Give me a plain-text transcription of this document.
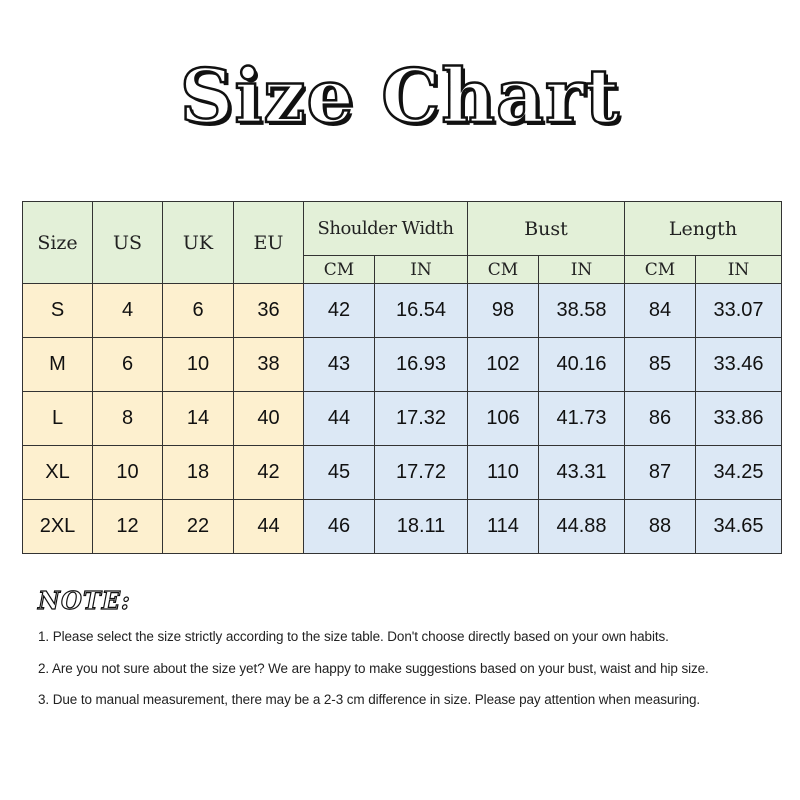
Size Chart
Size	US	UK	EU	Shoulder Width		Bust		Length	
				CM	IN	CM	IN	CM	IN
S	4	6	36	42	16.54	98	38.58	84	33.07
M	6	10	38	43	16.93	102	40.16	85	33.46
L	8	14	40	44	17.32	106	41.73	86	33.86
XL	10	18	42	45	17.72	110	43.31	87	34.25
2XL	12	22	44	46	18.11	114	44.88	88	34.65
NOTE:
1. Please select the size strictly according to the size table. Don't choose directly based on your own habits.
2. Are you not sure about the size yet? We are happy to make suggestions based on your bust, waist and hip size.
3. Due to manual measurement, there may be a 2-3 cm difference in size. Please pay attention when measuring.
